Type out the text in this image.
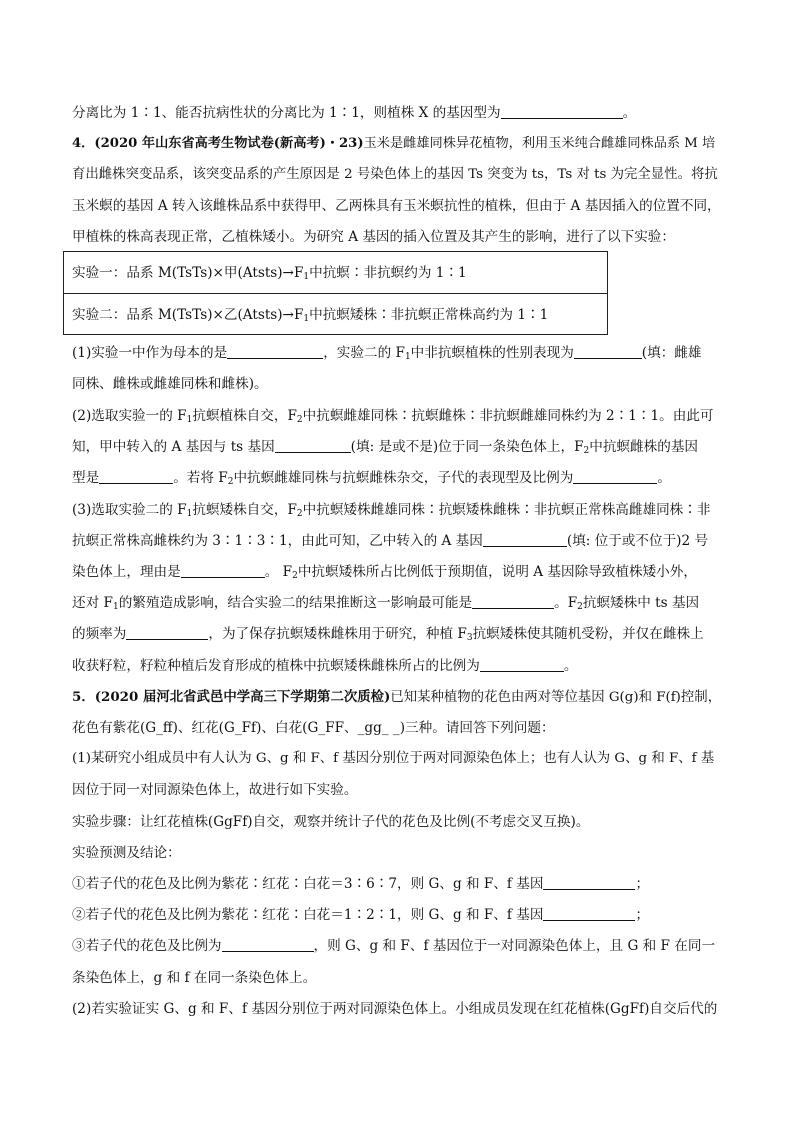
分离比为 1∶1、能否抗病性状的分离比为 1∶1，则植株 X 的基因型为	。
4．(2020 年山东省高考生物试卷(新高考)・23)玉米是雌雄同株异花植物，利用玉米纯合雌雄同株品系 M 培
育出雌株突变品系，该突变品系的产生原因是 2 号染色体上的基因 Ts 突变为 ts，Ts 对 ts 为完全显性。将抗
玉米螟的基因 A 转入该雌株品系中获得甲、乙两株具有玉米螟抗性的植株，但由于 A 基因插入的位置不同，
甲植株的株高表现正常，乙植株矮小。为研究 A 基因的插入位置及其产生的影响，进行了以下实验：
实验一：品系 M(TsTs)×甲$(Atsts)\to F_1$中抗螟∶非抗螟约为 1∶1
实验二：品系 M(TsTs)×乙$(Atsts)\to F_1$中抗螟矮株∶非抗螟正常株高约为 1∶1
(1)实验一中作为母本的是	，实验二的 $F_1$中非抗螟植株的性别表现为	(填：雌雄
同株、雌株或雌雄同株和雌株)。
(2)选取实验一的 $F_1$抗螟植株自交，$F_2$中抗螟雌雄同株∶抗螟雌株∶非抗螟雌雄同株约为 2∶1∶1。由此可
知，甲中转入的 A 基因与 ts 基因	(填: 是或不是)位于同一条染色体上，$F_2$中抗螟雌株的基因
型是	。若将 $F_2$中抗螟雌雄同株与抗螟雌株杂交，子代的表现型及比例为	。
(3)选取实验二的 $F_1$抗螟矮株自交，$F_2$中抗螟矮株雌雄同株∶抗螟矮株雌株∶非抗螟正常株高雌雄同株∶非
抗螟正常株高雌株约为 3∶1∶3∶1，由此可知，乙中转入的 A 基因	(填: 位于或不位于)2 号
染色体上，理由是	。 $F_2$中抗螟矮株所占比例低于预期值，说明 A 基因除导致植株矮小外，
还对 $F_1$的繁殖造成影响，结合实验二的结果推断这一影响最可能是	。$F_2$抗螟矮株中 ts 基因
的频率为	，为了保存抗螟矮株雌株用于研究，种植 $F_3$抗螟矮株使其随机受粉，并仅在雌株上
收获籽粒，籽粒种植后发育形成的植株中抗螟矮株雌株所占的比例为	。
5．(2020 届河北省武邑中学高三下学期第二次质检)已知某种植物的花色由两对等位基因 G(g)和 F(f)控制，
花色有紫花(G_ff)、红花(G_Ff)、白花(G_FF、_gg_ _)三种。请回答下列问题：
(1)某研究小组成员中有人认为 G、g 和 F、f 基因分别位于两对同源染色体上；也有人认为 G、g 和 F、f 基
因位于同一对同源染色体上，故进行如下实验。
实验步骤：让红花植株(GgFf)自交，观察并统计子代的花色及比例(不考虑交叉互换)。
实验预测及结论：
①若子代的花色及比例为紫花∶红花∶白花＝3∶6∶7，则 G、g 和 F、f 基因	；
②若子代的花色及比例为紫花∶红花∶白花＝1∶2∶1，则 G、g 和 F、f 基因	；
③若子代的花色及比例为	，则 G、g 和 F、f 基因位于一对同源染色体上，且 G 和 F 在同一
条染色体上，g 和 f 在同一条染色体上。
(2)若实验证实 G、g 和 F、f 基因分别位于两对同源染色体上。小组成员发现在红花植株(GgFf)自交后代的
